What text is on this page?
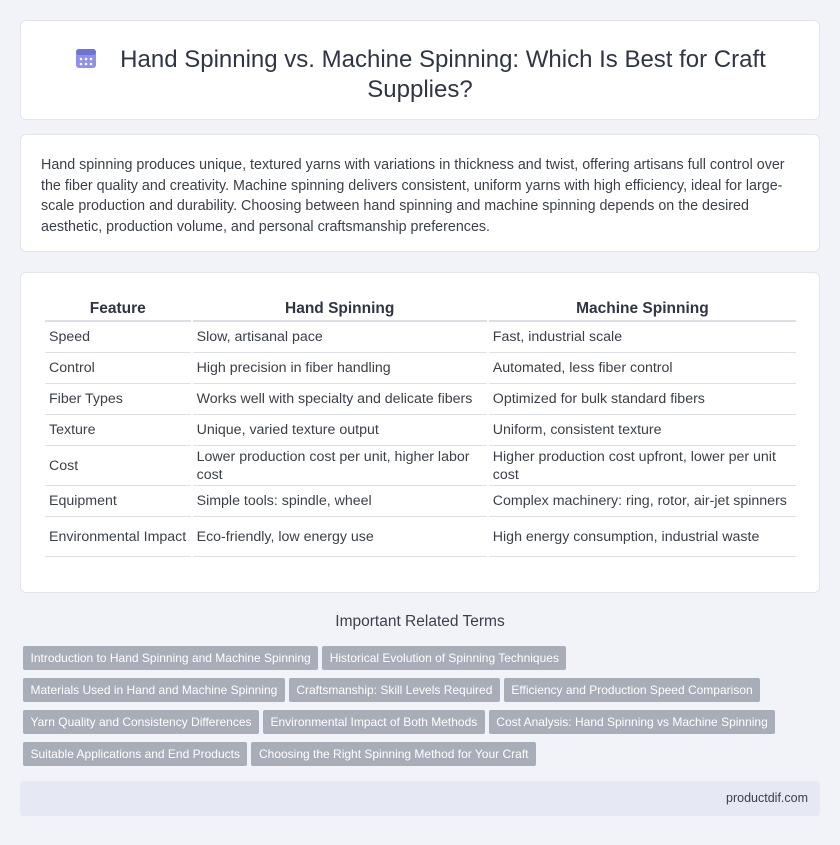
Hand Spinning vs. Machine Spinning: Which Is Best for Craft Supplies?

Hand spinning produces unique, textured yarns with variations in thickness and twist, offering artisans full control over the fiber quality and creativity. Machine spinning delivers consistent, uniform yarns with high efficiency, ideal for large-scale production and durability. Choosing between hand spinning and machine spinning depends on the desired aesthetic, production volume, and personal craftsmanship preferences.

Feature	Hand Spinning	Machine Spinning
Speed	Slow, artisanal pace	Fast, industrial scale
Control	High precision in fiber handling	Automated, less fiber control
Fiber Types	Works well with specialty and delicate fibers	Optimized for bulk standard fibers
Texture	Unique, varied texture output	Uniform, consistent texture
Cost	Lower production cost per unit, higher labor cost	Higher production cost upfront, lower per unit cost
Equipment	Simple tools: spindle, wheel	Complex machinery: ring, rotor, air-jet spinners
Environmental Impact	Eco-friendly, low energy use	High energy consumption, industrial waste
Important Related Terms
Introduction to Hand Spinning and Machine Spinning Historical Evolution of Spinning Techniques
Materials Used in Hand and Machine Spinning Craftsmanship: Skill Levels Required Efficiency and Production Speed Comparison
Yarn Quality and Consistency Differences Environmental Impact of Both Methods Cost Analysis: Hand Spinning vs Machine Spinning
Suitable Applications and End Products Choosing the Right Spinning Method for Your Craft
productdif.com
